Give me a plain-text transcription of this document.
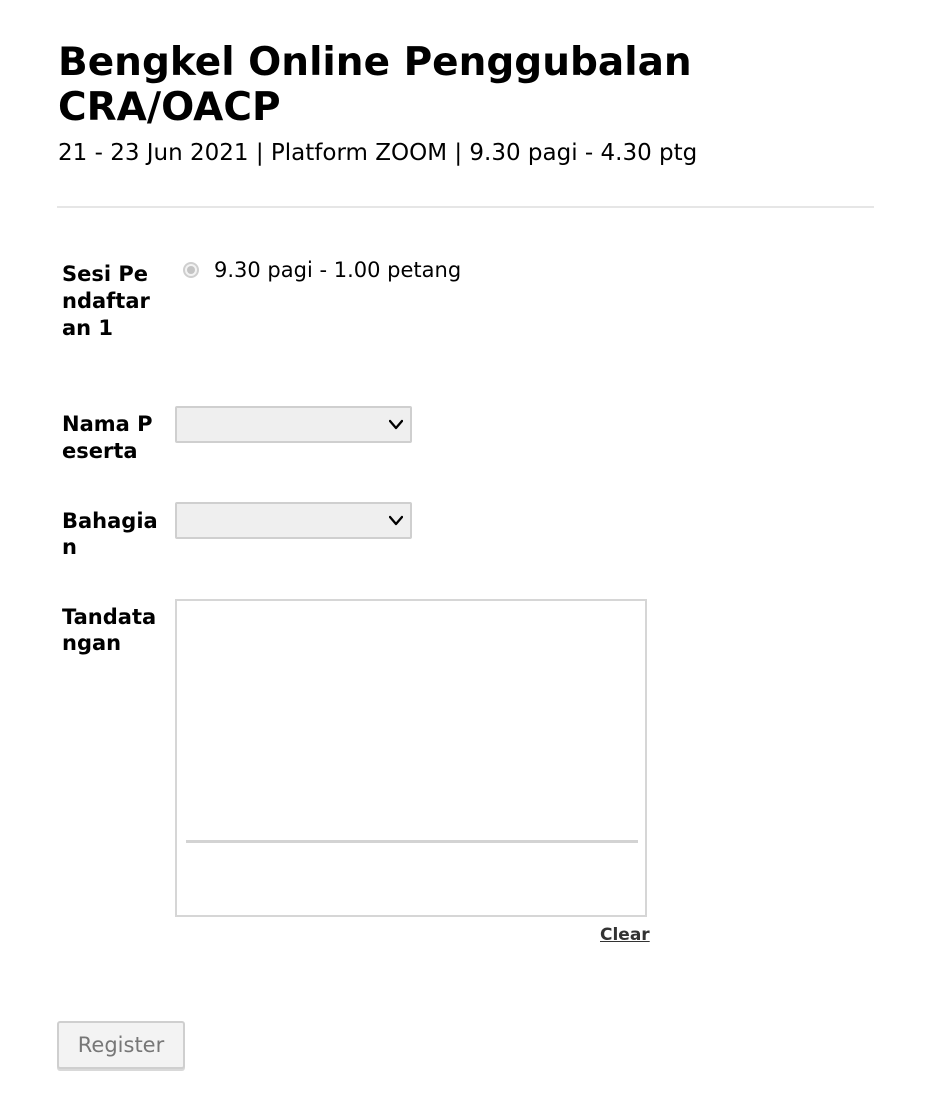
Bengkel Online Penggubalan CRA/OACP

21 - 23 Jun 2021 | Platform ZOOM | 9.30 pagi - 4.30 ptg

Sesi Pendaftaran 1
9.30 pagi - 1.00 petang
Nama Peserta
Bahagian
Tandatangan
Clear
Register
